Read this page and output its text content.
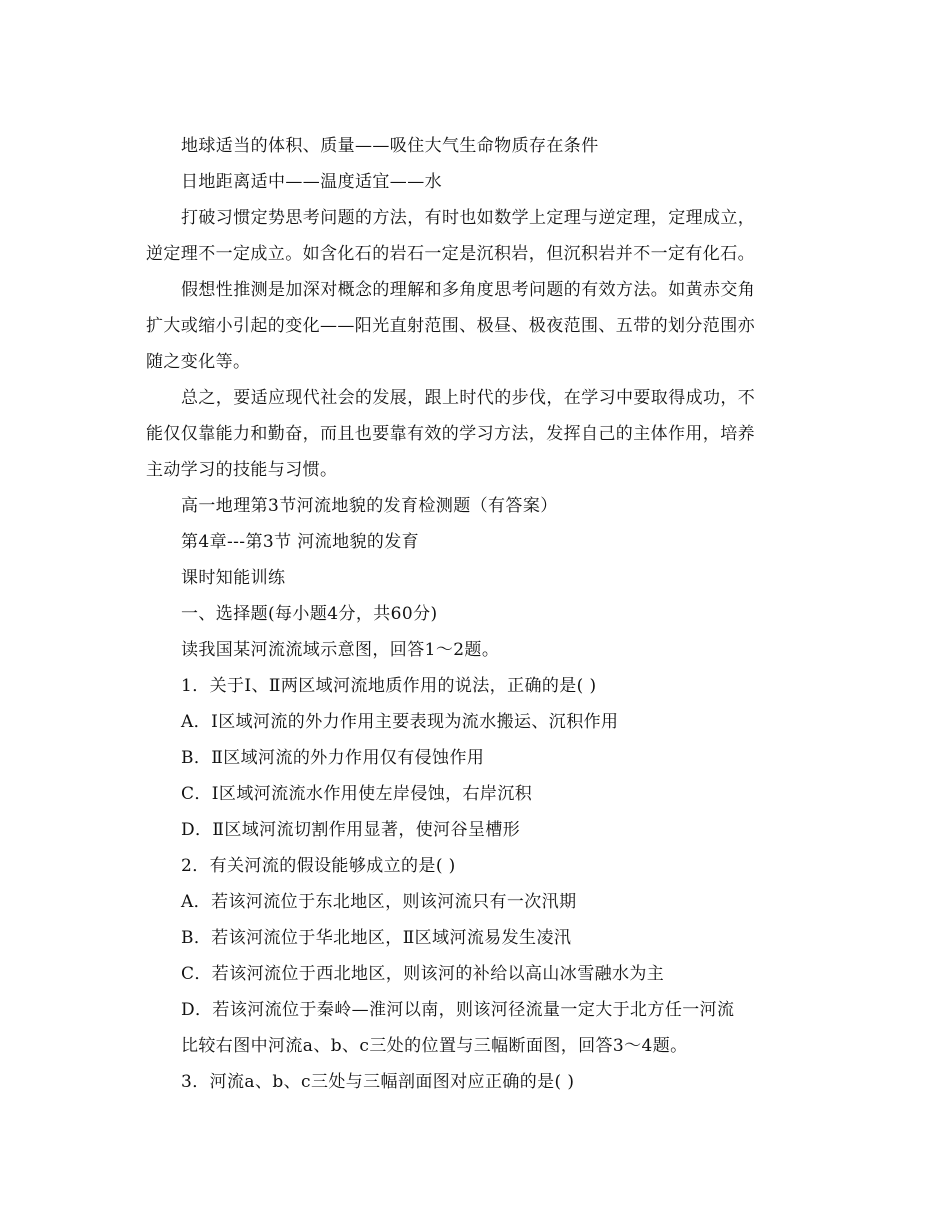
地球适当的体积、质量——吸住大气生命物质存在条件
日地距离适中——温度适宜——水
打破习惯定势思考问题的方法，有时也如数学上定理与逆定理，定理成立，
逆定理不一定成立。如含化石的岩石一定是沉积岩，但沉积岩并不一定有化石。
假想性推测是加深对概念的理解和多角度思考问题的有效方法。如黄赤交角
扩大或缩小引起的变化——阳光直射范围、极昼、极夜范围、五带的划分范围亦
随之变化等。
总之，要适应现代社会的发展，跟上时代的步伐，在学习中要取得成功，不
能仅仅靠能力和勤奋，而且也要靠有效的学习方法，发挥自己的主体作用，培养
主动学习的技能与习惯。
高一地理第3节河流地貌的发育检测题（有答案）
第4章---第3节 河流地貌的发育
课时知能训练
一、选择题(每小题4分，共60分)
读我国某河流流域示意图，回答1～2题。
1．关于Ⅰ、Ⅱ两区域河流地质作用的说法，正确的是( )
A．Ⅰ区域河流的外力作用主要表现为流水搬运、沉积作用
B．Ⅱ区域河流的外力作用仅有侵蚀作用
C．Ⅰ区域河流流水作用使左岸侵蚀，右岸沉积
D．Ⅱ区域河流切割作用显著，使河谷呈槽形
2．有关河流的假设能够成立的是( )
A．若该河流位于东北地区，则该河流只有一次汛期
B．若该河流位于华北地区，Ⅱ区域河流易发生凌汛
C．若该河流位于西北地区，则该河的补给以高山冰雪融水为主
D．若该河流位于秦岭—淮河以南，则该河径流量一定大于北方任一河流
比较右图中河流a、b、c三处的位置与三幅断面图，回答3～4题。
3．河流a、b、c三处与三幅剖面图对应正确的是( )
